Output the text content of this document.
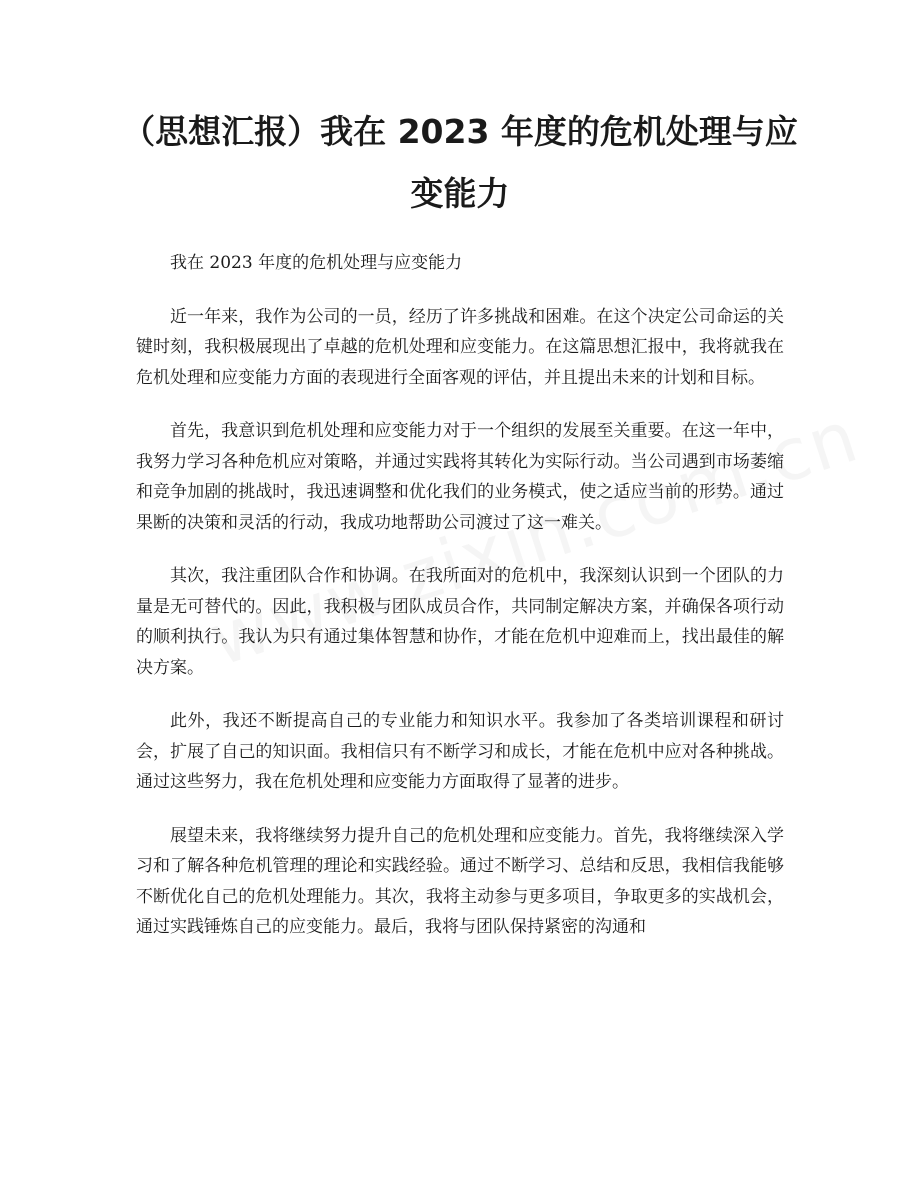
（思想汇报）我在 2023 年度的危机处理与应变能力

我在 2023 年度的危机处理与应变能力

近一年来，我作为公司的一员，经历了许多挑战和困难。在这个决定公司命运的关键时刻，我积极展现出了卓越的危机处理和应变能力。在这篇思想汇报中，我将就我在危机处理和应变能力方面的表现进行全面客观的评估，并且提出未来的计划和目标。

首先，我意识到危机处理和应变能力对于一个组织的发展至关重要。在这一年中，我努力学习各种危机应对策略，并通过实践将其转化为实际行动。当公司遇到市场萎缩和竞争加剧的挑战时，我迅速调整和优化我们的业务模式，使之适应当前的形势。通过果断的决策和灵活的行动，我成功地帮助公司渡过了这一难关。

其次，我注重团队合作和协调。在我所面对的危机中，我深刻认识到一个团队的力量是无可替代的。因此，我积极与团队成员合作，共同制定解决方案，并确保各项行动的顺利执行。我认为只有通过集体智慧和协作，才能在危机中迎难而上，找出最佳的解决方案。

此外，我还不断提高自己的专业能力和知识水平。我参加了各类培训课程和研讨会，扩展了自己的知识面。我相信只有不断学习和成长，才能在危机中应对各种挑战。通过这些努力，我在危机处理和应变能力方面取得了显著的进步。

展望未来，我将继续努力提升自己的危机处理和应变能力。首先，我将继续深入学习和了解各种危机管理的理论和实践经验。通过不断学习、总结和反思，我相信我能够不断优化自己的危机处理能力。其次，我将主动参与更多项目，争取更多的实战机会，通过实践锤炼自己的应变能力。最后，我将与团队保持紧密的沟通和
